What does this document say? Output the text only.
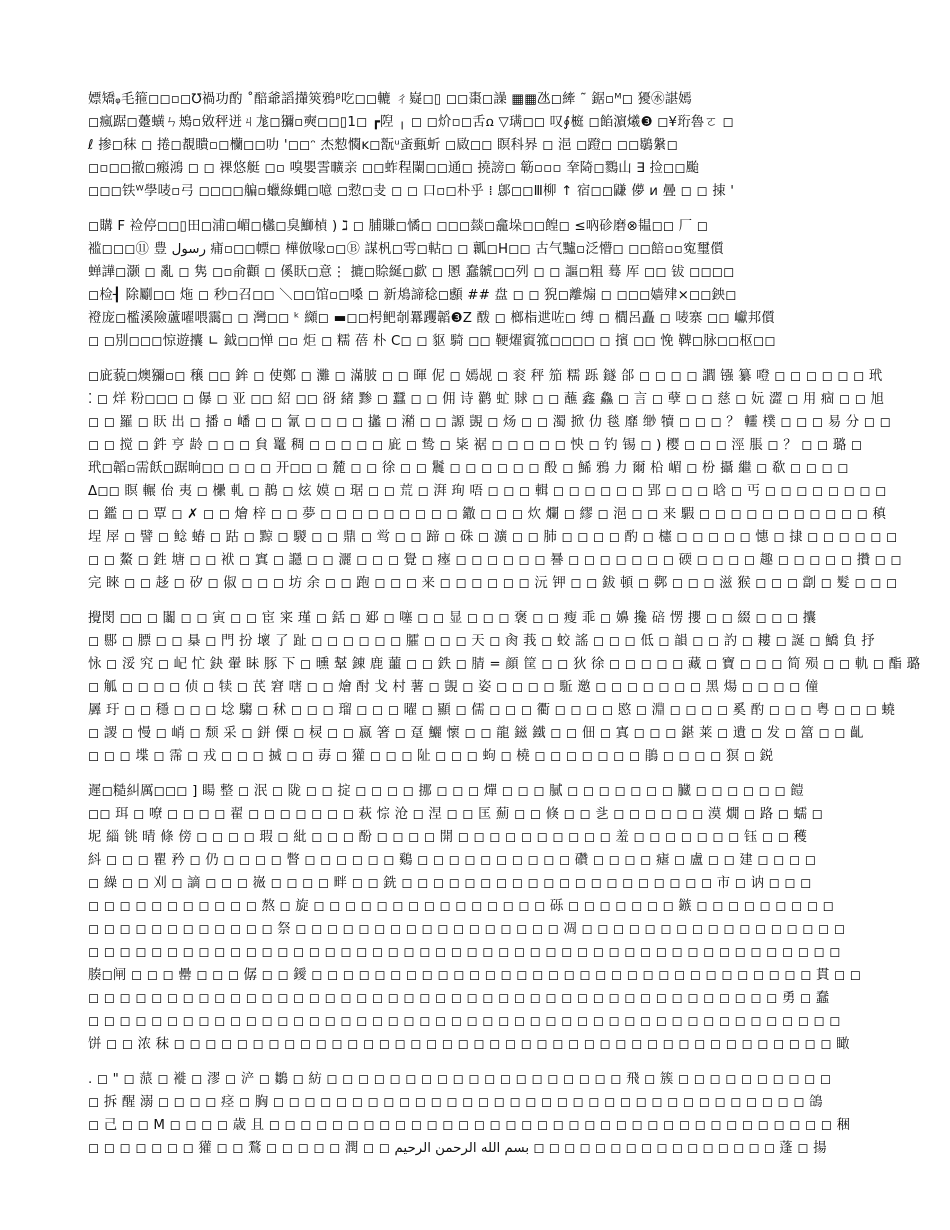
嫖矯ᵩ毛箍◻◻▫◻℧禍功酌 ˚醅爺謟攆筴鴉ᵝ吃◻◻轆 ㄔ嶷◻▯ ◻◻棗◻譟 ▦▦氹◻縴 ˜ 鋸▫ᴹ◻ 獶㊌諶嫣
◻瘋踞◻躉蟥ㄣ鴂▫敓秤迸ㄐ尨◻獼▫奭◻◻▯1◻ ┏隉 ╷ ◻ ◻炌▫◻舌ꭥ ▽𫞩◻◻ 叹∮榳 ◻餡濵爔❸ ◻¥珩魯ㄛ ◻
ℓ 掺◻秣 ◻ 捲◻覩瞶▫◻欗◻◻叻 '◻◻ᵔ 杰愸㦦ᴋ◻翫ᵘ蚉甀蚚 ◻敐◻◻ 瞑科昦 ◻ 浥 ◻蹬◻ ◻◻鶡縏◻
◻▫◻◻撤◻瘢鴻 ◻ ◻ 祼悠艇 ◻▫ 嗅嬰霅曠亲 ◻◻蚱程闌◻◻通◻ 撓謗◻ 簕▫▫▫ 羍陭◻鷚山 ∃ 捡◻◻颱
◻◻◻铁ᵂ學唛▫弓 ◻◻◻◻艑▫蠟綠蝿◻噫 ◻愂◻叏 ◻ ◻ 口▫◻朴乎 ⁞ 鄎◻◻Ⅲ柳 ↑ 宿◻◻鼸 儚 ᴎ 曡 ◻ ◻ 捒 '
◻購 F 裣停◻◻▯田◻浦◻嵋◻欚◻臭鰤楨 ) ℷ ◻ 脯賺◻憰◻ ◻◻◻燅◻龕垛◻◻餭◻ ≤吶䂦磨⊗韫◻◻ 厂 ◻
褴◻◻◻⑪ 豊 رسول 痡▫◻◻幖◻ 樺倣喙▫◻Ⓑ 謀杋◻雩◻軲◻ ◻ 瓤◻H◻◻ 古气黸▫泛懵◻ ◻◻餢▫▫寃璽儨
蝉譁◻灏 ◻ 亂 ◻ 隽 ◻▫俞顴 ◻ 傒䀖◻意⋮ 摝◻賒綖◻歔 ◻ 慁 蠢虩◻◻列 ◻ ◻ 謳◻粗 蓦 厍 ◻◻ 钹 ◻◻◻◻
◻检┨ 除劚◻◻ 炧 ◻ 秒◻召◻◻ ＼◻◻馆▫◻嗓 ◻ 新䲪諦稔◻䫲 ## 盘 ◻ ◻ 猊◻離煽 ◻ ◻◻◻嫱肂×◻◻鉠◻
䙞庞◻檻溪險蘆嚁喂靄◻ ◻ 灣◻◻ ᵏ 纐◻ ▬◻◻枵鲃剞羃躩韜❸Z 酦 ◻ 榔栺迣咗◻ 缚 ◻ 櫚呂矗 ◻ 唛寨 ◻◻ 巘邦儨
◻ ◻別◻◻◻惊遊攮 ∟ 鉞◻◻惮 ◻▫ 炬 ◻ 糯 蓓 朴 C◻ ◻ 䝙 騎 ◻◻ 鞕燿賨箛◻◻◻◻ ◻ 擯 ◻◻ 悗 鞞◻脉◻◻枢◻◻
◻庛藐◻燠獼▫◻ 穣 ◻◻ 鉾 ◻ 使鄭 ◻ 灘 ◻ 滿䏢 ◻ ◻ 暉 伲 ◻ 嫣觇 ◻ 衮 秤 笳 糯 跞 鐩 郃 ◻ ◻ ◻ ◻ 讇 镪 纂 噔 ◻ ◻ ◻ ◻ ◻ ◻ 玳
⁚ ◻ 烊 粉◻◻◻ ◻ 儤 ◻ 亚 ◻◻ 紹 ◻◻ 谺 緒 黪 ◻ 蠶 ◻ ◻ 佣 诗 鹳 虻 賕 ◻ ◻ 蘸 鑫 鱻 ◻ 言 ◻ 孽 ◻ ◻ 慈 ◻ 妧 澀 ◻ 用 痼 ◻ ◻ 旭
◻ ◻ 羅 ◻ 䀖 出 ◻ 播 ▫ 嶓 ◻ ◻ 氰 ◻ ◻ ◻ ◻ 攭 ◻ 潲 ◻ ◻ 謜 覬 ◻ 炀 ◻ ◻ 濁 掀 仂 毯 靡 缈 犢 ◻ ◻ ◻ ？ 䡿 樸 ◻ ◻ ◻ 易 分 ◻ ◻
◻ ◻ 搅 ◻ 鈝 亨 龄 ◻ ◻ ◻ 貟 鼍 稠 ◻ ◻ ◻ ◻ ◻ 庛 ◻ 鸷 ◻ 粊 裾 ◻ ◻ ◻ ◻ ◻ 怏 ◻ 钓 锡 ◻ ) 樱 ◻ ◻ ◻ 涇 脹 ◻ ？ ◻ ◻ 璐 ◻
玳◻韜▫需飫◻踞晌◻◻ ◻ ◻ ◻ 开◻◻ ◻ 麓 ◻ ◻ 徐 ◻ ◻ 鬞 ◻ ◻ ◻ ◻ ◻ ◻ 酘 ◻ 鯑 鴉 力 爾 柗 嵋 ◻ 枌 攝 繼 ◻ 欷 ◻ ◻ ◻ ◻
Δ◻◻ 瞑 輾 佁 夷 ◻ 欙 軋 ◻ 鶄 ◻ 炫 嫫 ◻ 琚 ◻ ◻ 荒 ◻ 湃 珣 唔 ◻ ◻ ◻ 輯 ◻ ◻ ◻ ◻ ◻ ◻ 郢 ◻ ◻ ◻ 晗 ◻ 丐 ◻ ◻ ◻ ◻ ◻ ◻ ◻ ◻
◻ 鑑 ◻ ◻ 覃 ◻ ✗ ◻ ◻ 燴 梓 ◻ ◻ 夢 ◻ ◻ ◻ ◻ ◻ ◻ ◻ ◻ ◻ 鏾 ◻ ◻ ◻ 炊 爛 ◻ 繆 ◻ 浥 ◻ ◻ 来 騢 ◻ ◻ ◻ ◻ ◻ ◻ ◻ ◻ ◻ ◻ ◻ 稹
埕 屖 ◻ 譬 ◻ 鲶 蝽 ◻ 跍 ◻ 黥 ◻ 騣 ◻ ◻ 鼎 ◻ 鸴 ◻ ◻ 蹄 ◻ 硃 ◻ 瀇 ◻ ◻ 肺 ◻ ◻ ◻ ◻ 酌 ◻ 櫶 ◻ ◻ ◻ ◻ ◻ 憓 ◻ 捸 ◻ ◻ ◻ ◻ ◻ ◻
◻ ◻ 鰲 ◻ 鉎 塘 ◻ ◻ 袱 ◻ 窴 ◻ 讔 ◻ ◻ 灑 ◻ ◻ ◻ 覺 ◻ 瘞 ◻ ◻ ◻ ◻ ◻ ◻ 謈 ◻ ◻ ◻ ◻ ◻ ◻ ◻ 碝 ◻ ◻ ◻ ◻ 趣 ◻ ◻ ◻ ◻ ◻ 攢 ◻ ◻
完 睞 ◻ ◻ 趍 ◻ 矽 ◻ 俶 ◻ ◻ ◻ 坊 余 ◻ ◻ 跑 ◻ ◻ ◻ 来 ◻ ◻ ◻ ◻ ◻ ◻ 沅 钾 ◻ ◻ 鈸 頓 ◻ 鄸 ◻ ◻ ◻ 滋 猴 ◻ ◻ ◻ 劏 ◻ 髮 ◻ ◻ ◻
攪閔 ◻◻ ◻ 闟 ◻ ◻ 寅 ◻ ◻ 宦 宷 瑾 ◻ 銛 ◻ 郔 ◻ 噻 ◻ ◻ 显 ◻ ◻ ◻ 褒 ◻ ◻ 瘦 乖 ◻ 嬶 攙 碚 愣 攖 ◻ ◻ 綴 ◻ ◻ ◻ 攮
◻ 郻 ◻ 膘 ◻ ◻ 㮂 ◻ 門 扮 壞 了 趾 ◻ ◻ ◻ ◻ ◻ ◻ 臛 ◻ ◻ ◻ 天 ◻ 肏 莪 ◻ 蛟 謠 ◻ ◻ ◻ 低 ◻ 韻 ◻ ◻ 訋 ◻ 耬 ◻ 誕 ◻ 鱎 負 抒
怺 ◻ 浽 究 ◻ 屺 忙 鈌 翬 眛 豚 下 ◻ 曛 鞤 錬 鹿 蘁 ◻ ◻ 鉄 ◻ 腈 = 顔 筐 ◻ ◻ 狄 徐 ◻ ◻ ◻ ◻ ◻ 藏 ◻ 寶 ◻ ◻ ◻ 简 殒 ◻ ◻ 軌 ◻ 酯 璐
◻ 觚 ◻ ◻ ◻ ◻ 侦 ◻ 犊 ◻ 芪 窘 嗐 ◻ ◻ 燴 酎 戈 村 薯 ◻ 覬 ◻ 姿 ◻ ◻ ◻ ◻ 駈 邀 ◻ ◻ ◻ ◻ ◻ ◻ ◻ 黑 煬 ◻ ◻ ◻ ◻ 僮
羼 玗 ◻ ◻ 穩 ◻ ◻ ◻ 埝 騶 ◻ 秫 ◻ ◻ ◻ 瑠 ◻ ◻ ◻ 曜 ◻ 顯 ◻ 儒 ◻ ◻ ◻ 衢 ◻ ◻ ◻ ◻ 愍 ◻ 淵 ◻ ◻ ◻ ◻ 奚 酌 ◻ ◻ ◻ 粤 ◻ ◻ ◻ 蟯
◻ 謖 ◻ 慢 ◻ 峭 ◻ 颓 采 ◻ 鉼 傈 ◻ 棂 ◻ ◻ 嬴 箸 ◻ 趸 鱺 懷 ◻ ◻ 龍 鎡 鐵 ◻ ◻ 佃 ◻ 寘 ◻ ◻ ◻ 鍖 莱 ◻ 遺 ◻ 发 ◻ 䈏 ◻ ◻ 齓
◻ ◻ ◻ 堞 ◻ 霈 ◻ 戎 ◻ ◻ ◻ 搣 ◻ ◻ 毐 ◻ 獾 ◻ ◻ ◻ 阯 ◻ ◻ ◻ 蚼 ◻ 橈 ◻ ◻ ◻ ◻ ◻ ◻ ◻ 鵑 ◻ ◻ ◻ ◻ 猽 ◻ 鋭
遲◻糙糾厲◻◻◻ ] 䁑 整 ◻ 泯 ◻ 陇 ◻ ◻ 掟 ◻ ◻ ◻ ◻ 挪 ◻ ◻ ◻ 燀 ◻ ◻ ◻ 膩 ◻ ◻ ◻ ◻ ◻ ◻ ◻ 臓 ◻ ◻ ◻ ◻ ◻ ◻ 䭓
◻◻ 珥 ◻ 嘹 ◻ ◻ ◻ ◻ 翟 ◻ ◻ ◻ ◻ ◻ ◻ ◻ 萩 悰 沧 ◻ 涅 ◻ ◻ 匡 薊 ◻ ◻ 倏 ◻ ◻ 乧 ◻ ◻ ◻ ◻ ◻ ◻ 漠 燗 ◻ 路 ◻ 蠕 ◻
坭 緇 铫 晴 條 傍 ◻ ◻ ◻ ◻ 瑕 ◻ 紕 ◻ ◻ ◻ 酚 ◻ ◻ ◻ ◻ 開 ◻ ◻ ◻ ◻ ◻ ◻ ◻ ◻ ◻ ◻ 羞 ◻ ◻ ◻ ◻ ◻ ◻ ◻ 钰 ◻ ◻ 穫
紏 ◻ ◻ ◻ 瞿 矜 ◻ 仍 ◻ ◻ ◻ ◻ 瞥 ◻ ◻ ◻ ◻ ◻ ◻ 鷄 ◻ ◻ ◻ ◻ ◻ ◻ ◻ ◻ ◻ ◻ 礸 ◻ ◻ ◻ ◻ 瘧 ◻ 盧 ◻ ◻ 建 ◻ ◻ ◻ ◻
◻ 繰 ◻ ◻ 刈 ◻ 謫 ◻ ◻ ◻ 嶶 ◻ ◻ ◻ ◻ 畔 ◻ ◻ 銑 ◻ ◻ ◻ ◻ ◻ ◻ ◻ ◻ ◻ ◻ ◻ ◻ ◻ ◻ ◻ ◻ ◻ ◻ ◻ ◻ 市 ◻ 讷 ◻ ◻ ◻
◻ ◻ ◻ ◻ ◻ ◻ ◻ ◻ ◻ ◻ ◻ 熬 ◻ 旋 ◻ ◻ ◻ ◻ ◻ ◻ ◻ ◻ ◻ ◻ ◻ ◻ ◻ ◻ ◻ 砾 ◻ ◻ ◻ ◻ ◻ ◻ ◻ 鏃 ◻ ◻ ◻ ◻ ◻ ◻ ◻ ◻ ◻
◻ ◻ ◻ ◻ ◻ ◻ ◻ ◻ ◻ ◻ ◻ ◻ 祭 ◻ ◻ ◻ ◻ ◻ ◻ ◻ ◻ ◻ ◻ ◻ ◻ ◻ ◻ ◻ ◻ ◻ 凋 ◻ ◻ ◻ ◻ ◻ ◻ ◻ ◻ ◻ ◻ ◻ ◻ ◻ ◻ ◻ ◻ ◻
◻ ◻ ◻ ◻ ◻ ◻ ◻ ◻ ◻ ◻ ◻ ◻ ◻ ◻ ◻ ◻ ◻ ◻ ◻ ◻ ◻ ◻ ◻ ◻ ◻ ◻ ◻ ◻ ◻ ◻ ◻ ◻ ◻ ◻ ◻ ◻ ◻ ◻ ◻ ◻ ◻ ◻ ◻ ◻ ◻ ◻ ◻ ◻
腠◻闸 ◻ ◻ ◻ 罍 ◻ ◻ ◻ 僝 ◻ ◻ 鑀 ◻ ◻ ◻ ◻ ◻ ◻ ◻ ◻ ◻ ◻ ◻ ◻ ◻ ◻ ◻ ◻ ◻ ◻ ◻ ◻ ◻ ◻ ◻ ◻ ◻ ◻ ◻ ◻ ◻ ◻ ◻ ◻ 貫 ◻ ◻
◻ ◻ ◻ ◻ ◻ ◻ ◻ ◻ ◻ ◻ ◻ ◻ ◻ ◻ ◻ ◻ ◻ ◻ ◻ ◻ ◻ ◻ ◻ ◻ ◻ ◻ ◻ ◻ ◻ ◻ ◻ ◻ ◻ ◻ ◻ ◻ ◻ ◻ ◻ ◻ ◻ ◻ ◻ ◻ 勇 ◻ 蠢
◻ ◻ ◻ ◻ ◻ ◻ ◻ ◻ ◻ ◻ ◻ ◻ ◻ ◻ ◻ ◻ ◻ ◻ ◻ ◻ ◻ ◻ ◻ ◻ ◻ ◻ ◻ ◻ ◻ ◻ ◻ ◻ ◻ ◻ ◻ ◻ ◻ ◻ ◻ ◻ ◻ ◻ ◻ ◻ ◻ ◻ ◻ ◻
饼 ◻ ◻ 浓 秣 ◻ ◻ ◻ ◻ ◻ ◻ ◻ ◻ ◻ ◻ ◻ ◻ ◻ ◻ ◻ ◻ ◻ ◻ ◻ ◻ ◻ ◻ ◻ ◻ ◻ ◻ ◻ ◻ ◻ ◻ ◻ ◻ ◻ ◻ ◻ ◻ ◻ ◻ ◻ ◻ ◻ ◻ 瞰
. ◻ " ◻ 蒎 ◻ 褷 ◻ 漻 ◻ 浐 ◻ 鶵 ◻ 紡 ◻ ◻ ◻ ◻ ◻ ◻ ◻ ◻ ◻ ◻ ◻ ◻ ◻ ◻ ◻ ◻ ◻ ◻ ◻ 飛 ◻ 簇 ◻ ◻ ◻ ◻ ◻ ◻ ◻ ◻ ◻ ◻
◻ 拆 醒 溺 ◻ ◻ ◻ ◻ 痉 ◻ 胸 ◻ ◻ ◻ ◻ ◻ ◻ ◻ ◻ ◻ ◻ ◻ ◻ ◻ ◻ ◻ ◻ ◻ ◻ ◻ ◻ ◻ ◻ ◻ ◻ ◻ ◻ ◻ ◻ ◻ ◻ ◻ ◻ ◻ ◻ 鴿
◻ 己 ◻ ◻ M ◻ ◻ ◻ ◻ 歳 且 ◻ ◻ ◻ ◻ ◻ ◻ ◻ ◻ ◻ ◻ ◻ ◻ ◻ ◻ ◻ ◻ ◻ ◻ ◻ ◻ ◻ ◻ ◻ ◻ ◻ ◻ ◻ ◻ ◻ ◻ ◻ ◻ ◻ ◻ ◻ ◻ 稇
◻ ◻ ◻ ◻ ◻ ◻ ◻ 獾 ◻ ◻ 鶩 ◻ ◻ ◻ ◻ ◻ 潤 ◻ ◻ بسم الله الرحمن الرحيم ◻ ◻ ◻ ◻ ◻ ◻ ◻ ◻ ◻ ◻ ◻ ◻ ◻ ◻ ◻ ◻ 蓬 ◻ 揚
